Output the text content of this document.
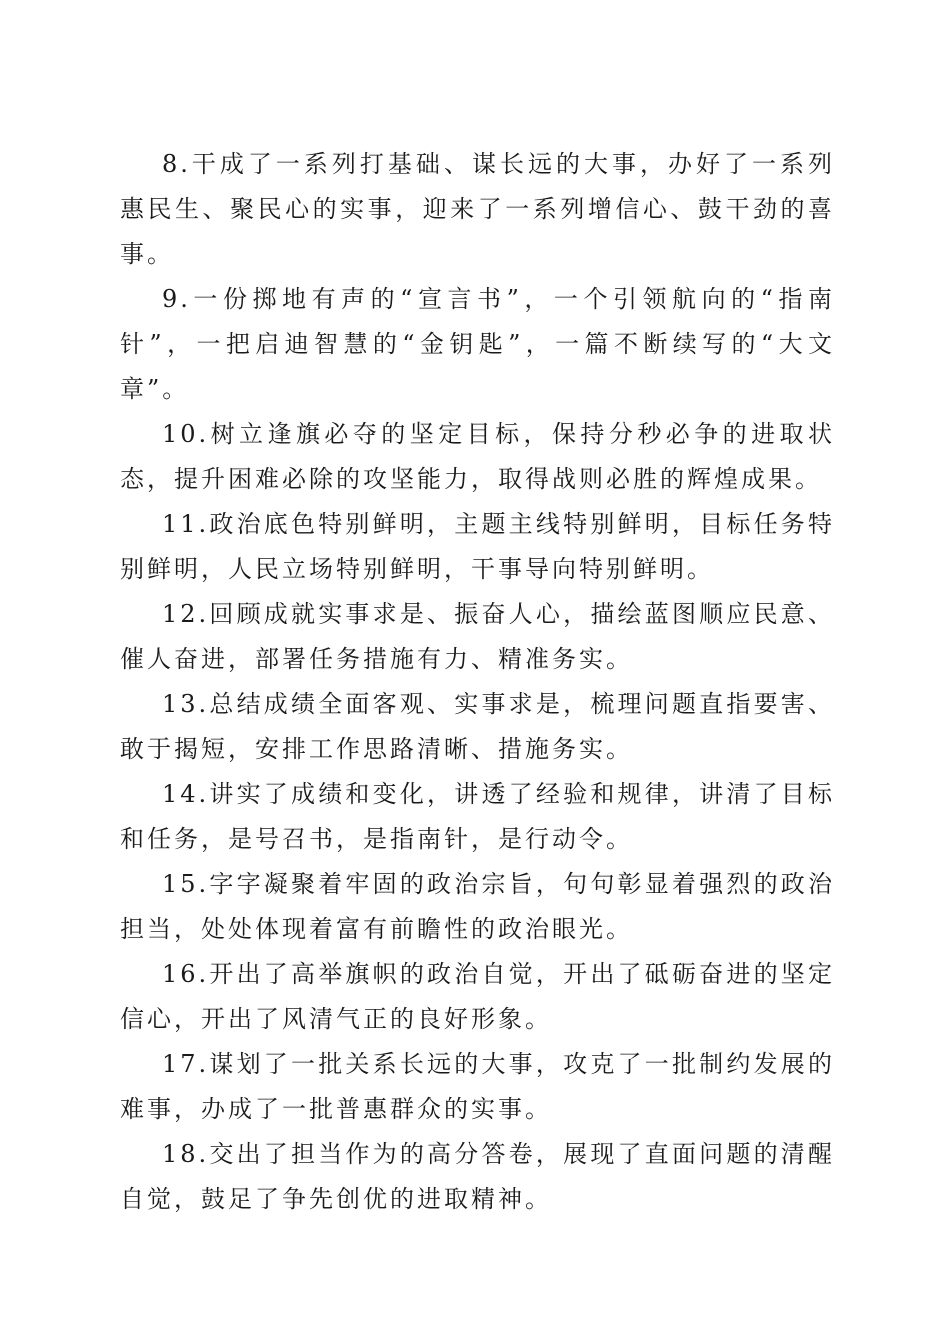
8.干成了一系列打基础、谋长远的大事，办好了一系列惠民生、聚民心的实事，迎来了一系列增信心、鼓干劲的喜事。

9.一份掷地有声的“宣言书”，一个引领航向的“指南针”，一把启迪智慧的“金钥匙”，一篇不断续写的“大文章”。

10.树立逢旗必夺的坚定目标，保持分秒必争的进取状态，提升困难必除的攻坚能力，取得战则必胜的辉煌成果。

11.政治底色特别鲜明，主题主线特别鲜明，目标任务特别鲜明，人民立场特别鲜明，干事导向特别鲜明。

12.回顾成就实事求是、振奋人心，描绘蓝图顺应民意、催人奋进，部署任务措施有力、精准务实。

13.总结成绩全面客观、实事求是，梳理问题直指要害、敢于揭短，安排工作思路清晰、措施务实。

14.讲实了成绩和变化，讲透了经验和规律，讲清了目标和任务，是号召书，是指南针，是行动令。

15.字字凝聚着牢固的政治宗旨，句句彰显着强烈的政治担当，处处体现着富有前瞻性的政治眼光。

16.开出了高举旗帜的政治自觉，开出了砥砺奋进的坚定信心，开出了风清气正的良好形象。

17.谋划了一批关系长远的大事，攻克了一批制约发展的难事，办成了一批普惠群众的实事。

18.交出了担当作为的高分答卷，展现了直面问题的清醒自觉，鼓足了争先创优的进取精神。
